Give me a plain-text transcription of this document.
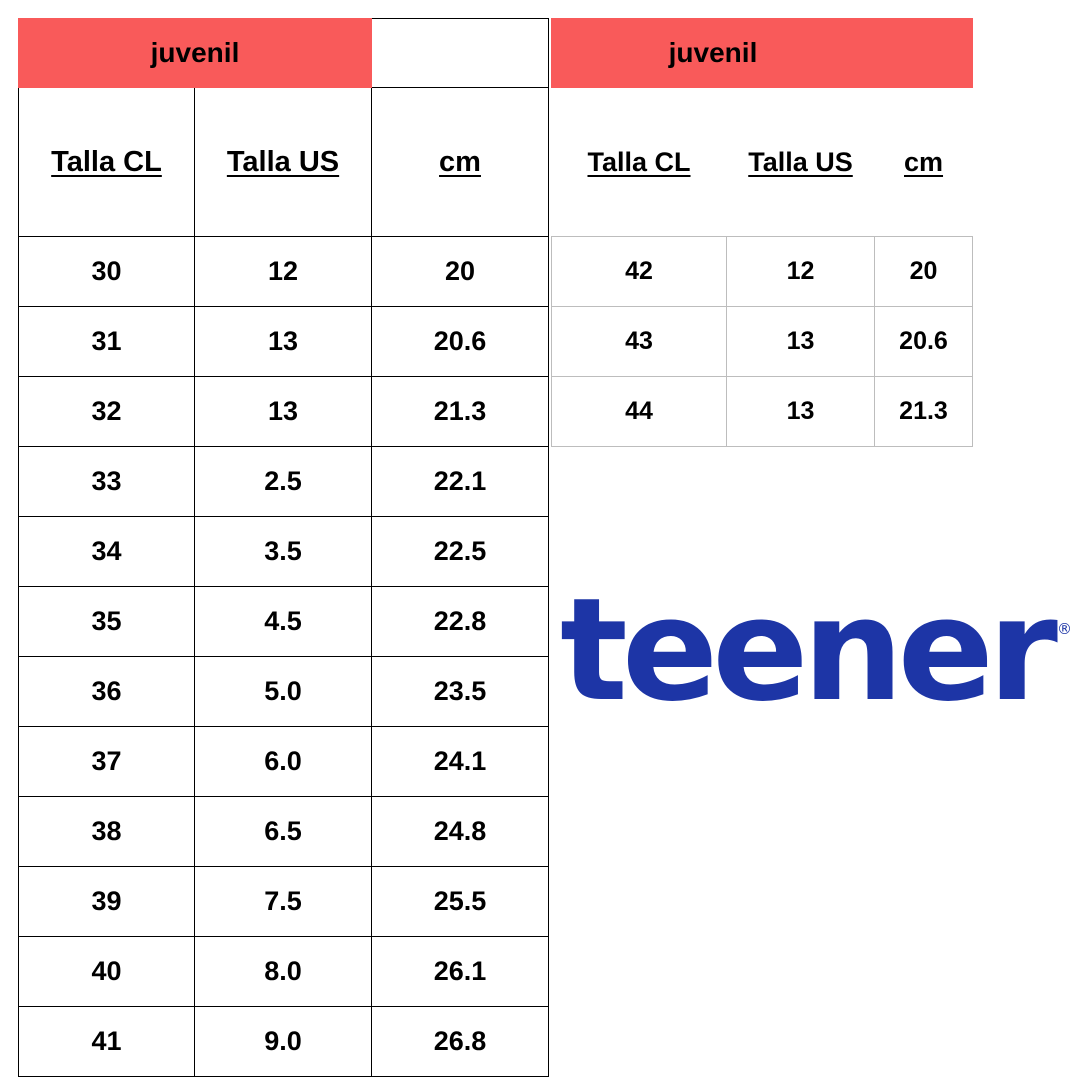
juvenil		
Talla CL	Talla US	cm
30	12	20
31	13	20.6
32	13	21.3
33	2.5	22.1
34	3.5	22.5
35	4.5	22.8
36	5.0	23.5
37	6.0	24.1
38	6.5	24.8
39	7.5	25.5
40	8.0	26.1
41	9.0	26.8
juvenil		
Talla CL	Talla US	cm
42	12	20
43	13	20.6
44	13	21.3
teener ®
